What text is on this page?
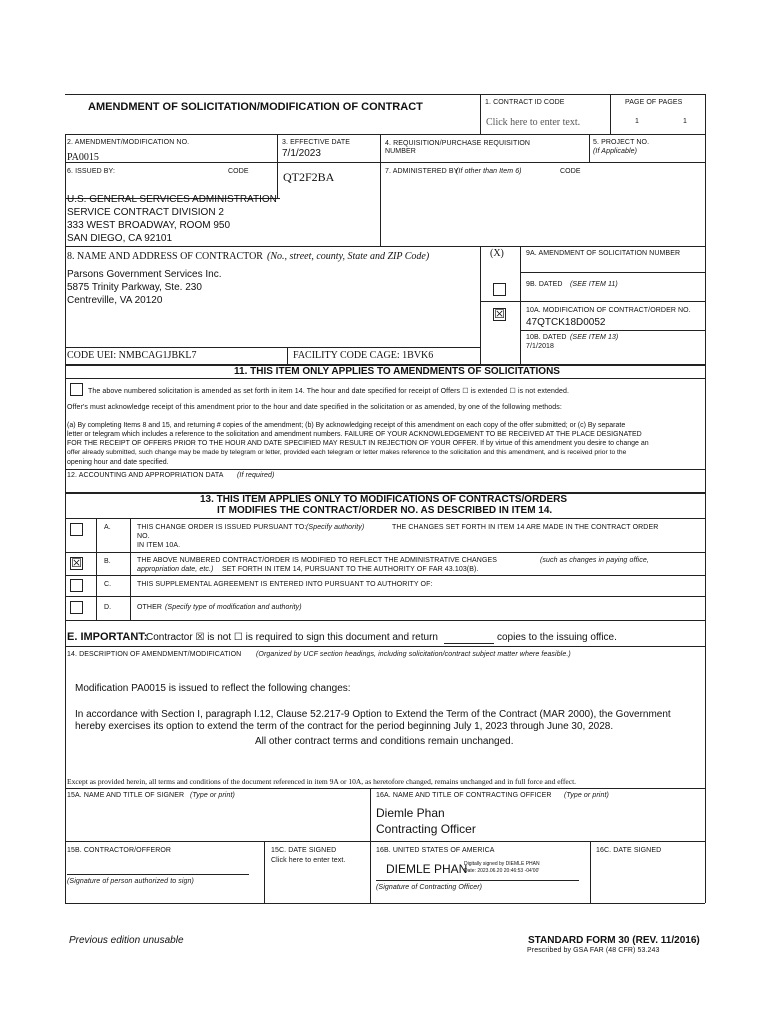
AMENDMENT OF SOLICITATION/MODIFICATION OF CONTRACT	1. CONTRACT ID CODE
Click here to enter text.
PAGE OF PAGES
1	1
2. AMENDMENT/MODIFICATION NO.
PA0015
3. EFFECTIVE DATE
7/1/2023
4. REQUISITION/PURCHASE REQUISITION NUMBER
5. PROJECT NO.
(If Applicable)
6. ISSUED BY:	CODE	QT2F2BA	7. ADMINISTERED BY
(If other than Item 6)	CODE
U.S. GENERAL SERVICES ADMINISTRATION
SERVICE CONTRACT DIVISION 2
333 WEST BROADWAY, ROOM 950
SAN DIEGO, CA 92101
8. NAME AND ADDRESS OF CONTRACTOR (No., street, county, State and ZIP Code)
Parsons Government Services Inc.
5875 Trinity Parkway, Ste. 230
Centreville, VA 20120
(X)	9A. AMENDMENT OF SOLICITATION NUMBER
9B. DATED (SEE ITEM 11)
☒	10A. MODIFICATION OF CONTRACT/ORDER NO.
47QTCK18D0052
10B. DATED (SEE ITEM 13)
7/1/2018
CODE UEI: NMBCAG1JBKL7	FACILITY CODE CAGE: 1BVK6
11. THIS ITEM ONLY APPLIES TO AMENDMENTS OF SOLICITATIONS
The above numbered solicitation is amended as set forth in item 14. The hour and date specified for receipt of Offers ☐ is extended ☐ is not extended.
Offer's must acknowledge receipt of this amendment prior to the hour and date specified in the solicitation or as amended, by one of the following methods:
(a) By completing Items 8 and 15, and returning # copies of the amendment; (b) By acknowledging receipt of this amendment on each copy of the offer submitted; or (c) By separate
letter or telegram which includes a reference to the solicitation and amendment numbers. FAILURE OF YOUR ACKNOWLEDGEMENT TO BE RECEIVED AT THE PLACE DESIGNATED
FOR THE RECEIPT OF OFFERS PRIOR TO THE HOUR AND DATE SPECIFIED MAY RESULT IN REJECTION OF YOUR OFFER. If by virtue of this amendment you desire to change an
offer already submitted, such change may be made by telegram or letter, provided each telegram or letter makes reference to the solicitation and this amendment, and is received prior to the
opening hour and date specified.
12. ACCOUNTING AND APPROPRIATION DATA (If required)
13. THIS ITEM APPLIES ONLY TO MODIFICATIONS OF CONTRACTS/ORDERS
IT MODIFIES THE CONTRACT/ORDER NO. AS DESCRIBED IN ITEM 14.
A.	THIS CHANGE ORDER IS ISSUED PURSUANT TO: (Specify authority)	THE CHANGES SET FORTH IN ITEM 14 ARE MADE IN THE CONTRACT ORDER
NO.
IN ITEM 10A.
☒	B.	THE ABOVE NUMBERED CONTRACT/ORDER IS MODIFIED TO REFLECT THE ADMINISTRATIVE CHANGES	(such as changes in paying office,
appropriation date, etc.) SET FORTH IN ITEM 14, PURSUANT TO THE AUTHORITY OF FAR 43.103(B).
C.	THIS SUPPLEMENTAL AGREEMENT IS ENTERED INTO PURSUANT TO AUTHORITY OF:
D.	OTHER (Specify type of modification and authority)
E. IMPORTANT:
Contractor ☒ is not ☐ is required to sign this document and return	copies to the issuing office.
14. DESCRIPTION OF AMENDMENT/MODIFICATION (Organized by UCF section headings, including solicitation/contract subject matter where feasible.)
Modification PA0015 is issued to reflect the following changes:
In accordance with Section I, paragraph I.12, Clause 52.217-9 Option to Extend the Term of the Contract (MAR 2000), the Government
hereby exercises its option to extend the term of the contract for the period beginning July 1, 2023 through June 30, 2028.
All other contract terms and conditions remain unchanged.
Except as provided herein, all terms and conditions of the document referenced in item 9A or 10A, as heretofore changed, remains unchanged and in full force and effect.
15A. NAME AND TITLE OF SIGNER (Type or print)	16A. NAME AND TITLE OF CONTRACTING OFFICER (Type or print)
Diemle Phan
Contracting Officer
15B. CONTRACTOR/OFFEROR
(Signature of person authorized to sign)
15C. DATE SIGNED
Click here to enter text.
16B. UNITED STATES OF AMERICA
DIEMLE PHAN
Digitally signed by DIEMLE PHAN
Date: 2023.06.20 20:46:53 -04'00'
(Signature of Contracting Officer)
16C. DATE SIGNED
Previous edition unusable	STANDARD FORM 30 (REV. 11/2016)
Prescribed by GSA FAR (48 CFR) 53.243
